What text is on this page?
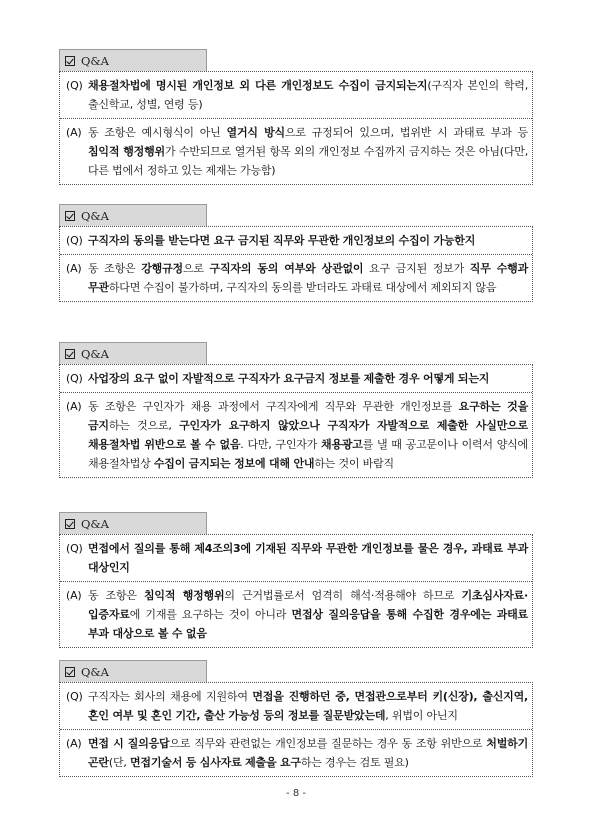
Q&A
(Q) 채용절차법에 명시된 개인정보 외 다른 개인정보도 수집이 금지되는지(구직자 본인의 학력, 출신학교, 성별, 연령 등)
(A) 동 조항은 예시형식이 아닌 열거식 방식으로 규정되어 있으며, 법위반 시 과태료 부과 등 침익적 행정행위가 수반되므로 열거된 항목 외의 개인정보 수집까지 금지하는 것은 아님(다만, 다른 법에서 정하고 있는 제재는 가능함)
Q&A
(Q) 구직자의 동의를 받는다면 요구 금지된 직무와 무관한 개인정보의 수집이 가능한지
(A) 동 조항은 강행규정으로 구직자의 동의 여부와 상관없이 요구 금지된 정보가 직무 수행과 무관하다면 수집이 불가하며, 구직자의 동의를 받더라도 과태료 대상에서 제외되지 않음
Q&A
(Q) 사업장의 요구 없이 자발적으로 구직자가 요구금지 정보를 제출한 경우 어떻게 되는지
(A) 동 조항은 구인자가 채용 과정에서 구직자에게 직무와 무관한 개인정보를 요구하는 것을 금지하는 것으로, 구인자가 요구하지 않았으나 구직자가 자발적으로 제출한 사실만으로 채용절차법 위반으로 볼 수 없음. 다만, 구인자가 채용광고를 낼 때 공고문이나 이력서 양식에 채용절차법상 수집이 금지되는 정보에 대해 안내하는 것이 바람직
Q&A
(Q) 면접에서 질의를 통해 제4조의3에 기재된 직무와 무관한 개인정보를 물은 경우, 과태료 부과 대상인지
(A) 동 조항은 침익적 행정행위의 근거법률로서 엄격히 해석·적용해야 하므로 기초심사자료·입증자료에 기재를 요구하는 것이 아니라 면접상 질의응답을 통해 수집한 경우에는 과태료 부과 대상으로 볼 수 없음
Q&A
(Q) 구직자는 회사의 채용에 지원하여 면접을 진행하던 중, 면접관으로부터 키(신장), 출신지역, 혼인 여부 및 혼인 기간, 출산 가능성 등의 정보를 질문받았는데, 위법이 아닌지
(A) 면접 시 질의응답으로 직무와 관련없는 개인정보를 질문하는 경우 동 조항 위반으로 처벌하기 곤란(단, 면접기술서 등 심사자료 제출을 요구하는 경우는 검토 필요)
- 8 -
